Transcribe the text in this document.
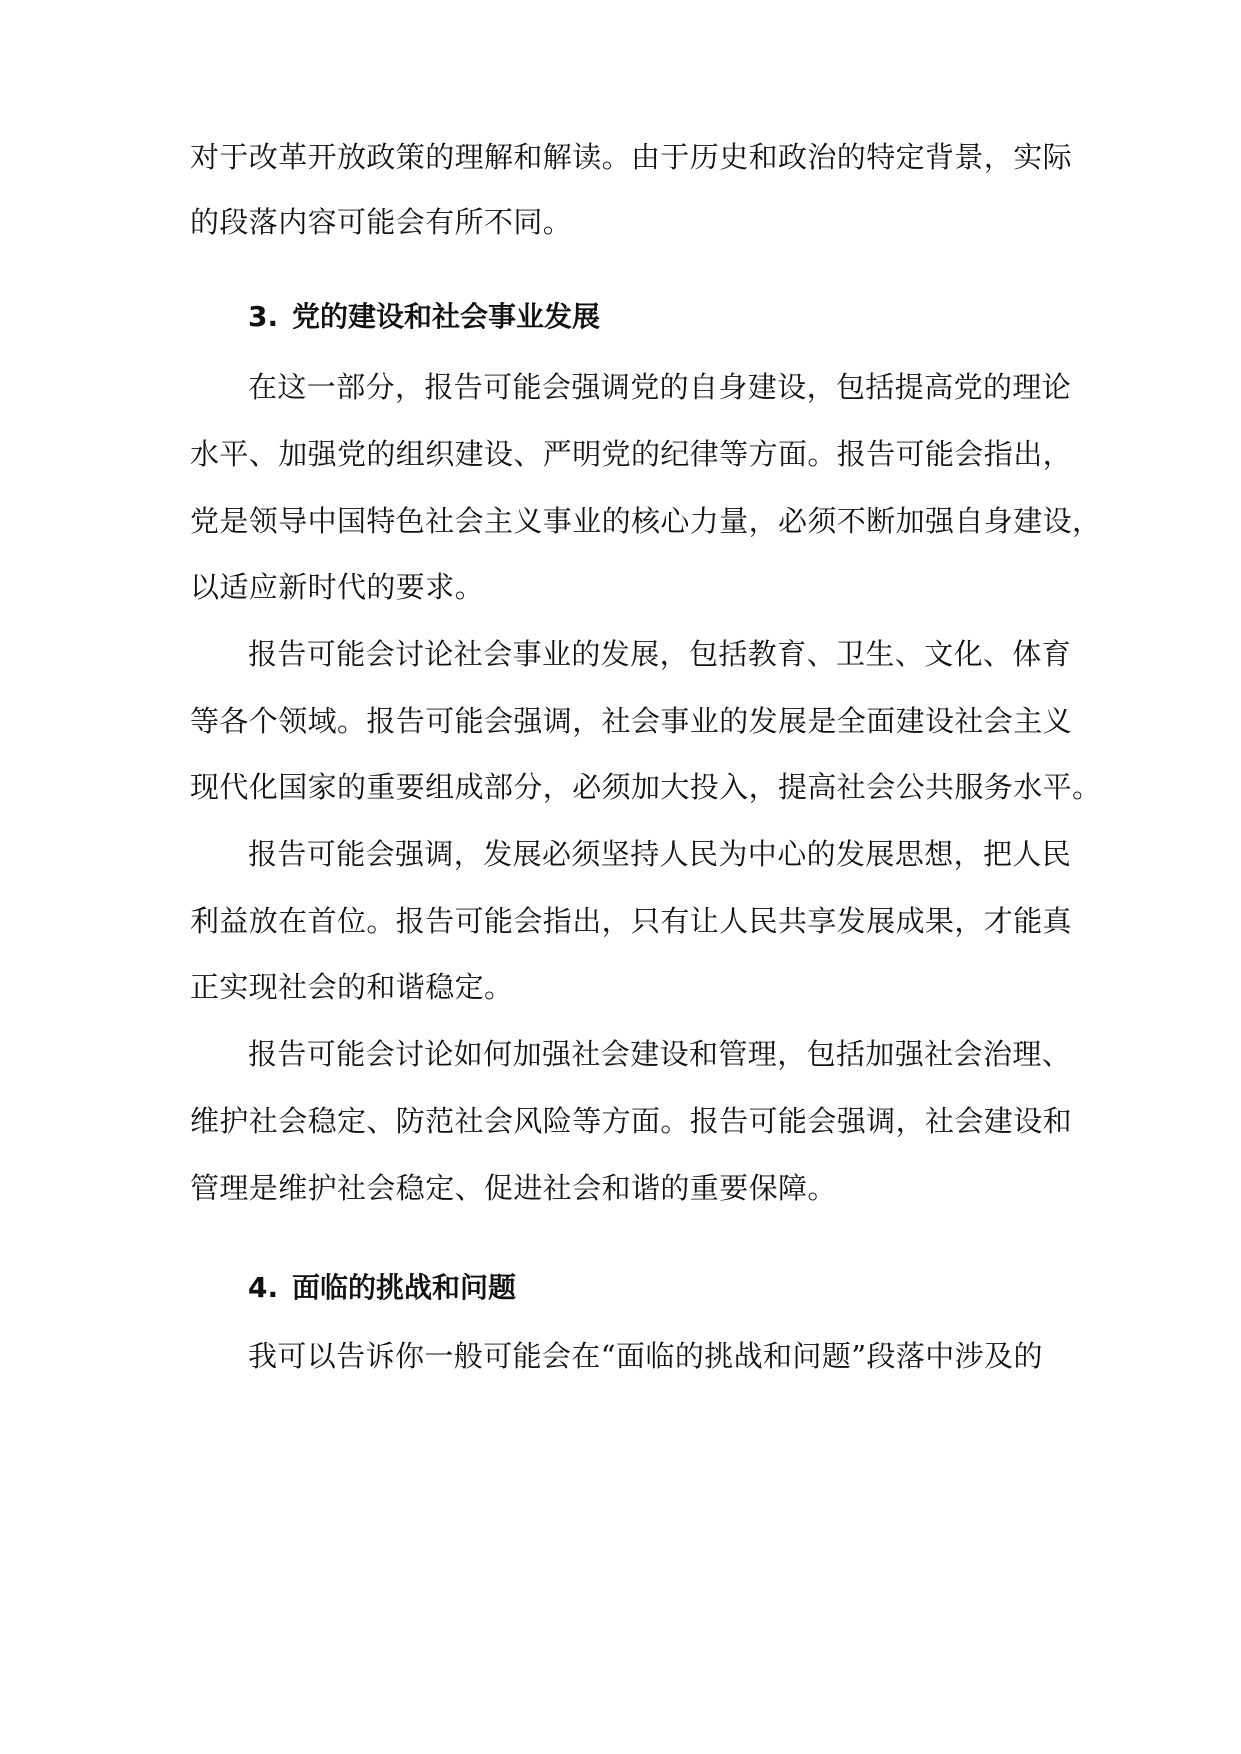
对于改革开放政策的理解和解读。由于历史和政治的特定背景，实际
的段落内容可能会有所不同。
3. 党的建设和社会事业发展
在这一部分，报告可能会强调党的自身建设，包括提高党的理论
水平、加强党的组织建设、严明党的纪律等方面。报告可能会指出，
党是领导中国特色社会主义事业的核心力量，必须不断加强自身建设，
以适应新时代的要求。
报告可能会讨论社会事业的发展，包括教育、卫生、文化、体育
等各个领域。报告可能会强调，社会事业的发展是全面建设社会主义
现代化国家的重要组成部分，必须加大投入，提高社会公共服务水平。
报告可能会强调，发展必须坚持人民为中心的发展思想，把人民
利益放在首位。报告可能会指出，只有让人民共享发展成果，才能真
正实现社会的和谐稳定。
报告可能会讨论如何加强社会建设和管理，包括加强社会治理、
维护社会稳定、防范社会风险等方面。报告可能会强调，社会建设和
管理是维护社会稳定、促进社会和谐的重要保障。
4. 面临的挑战和问题
我可以告诉你一般可能会在“面临的挑战和问题”段落中涉及的
